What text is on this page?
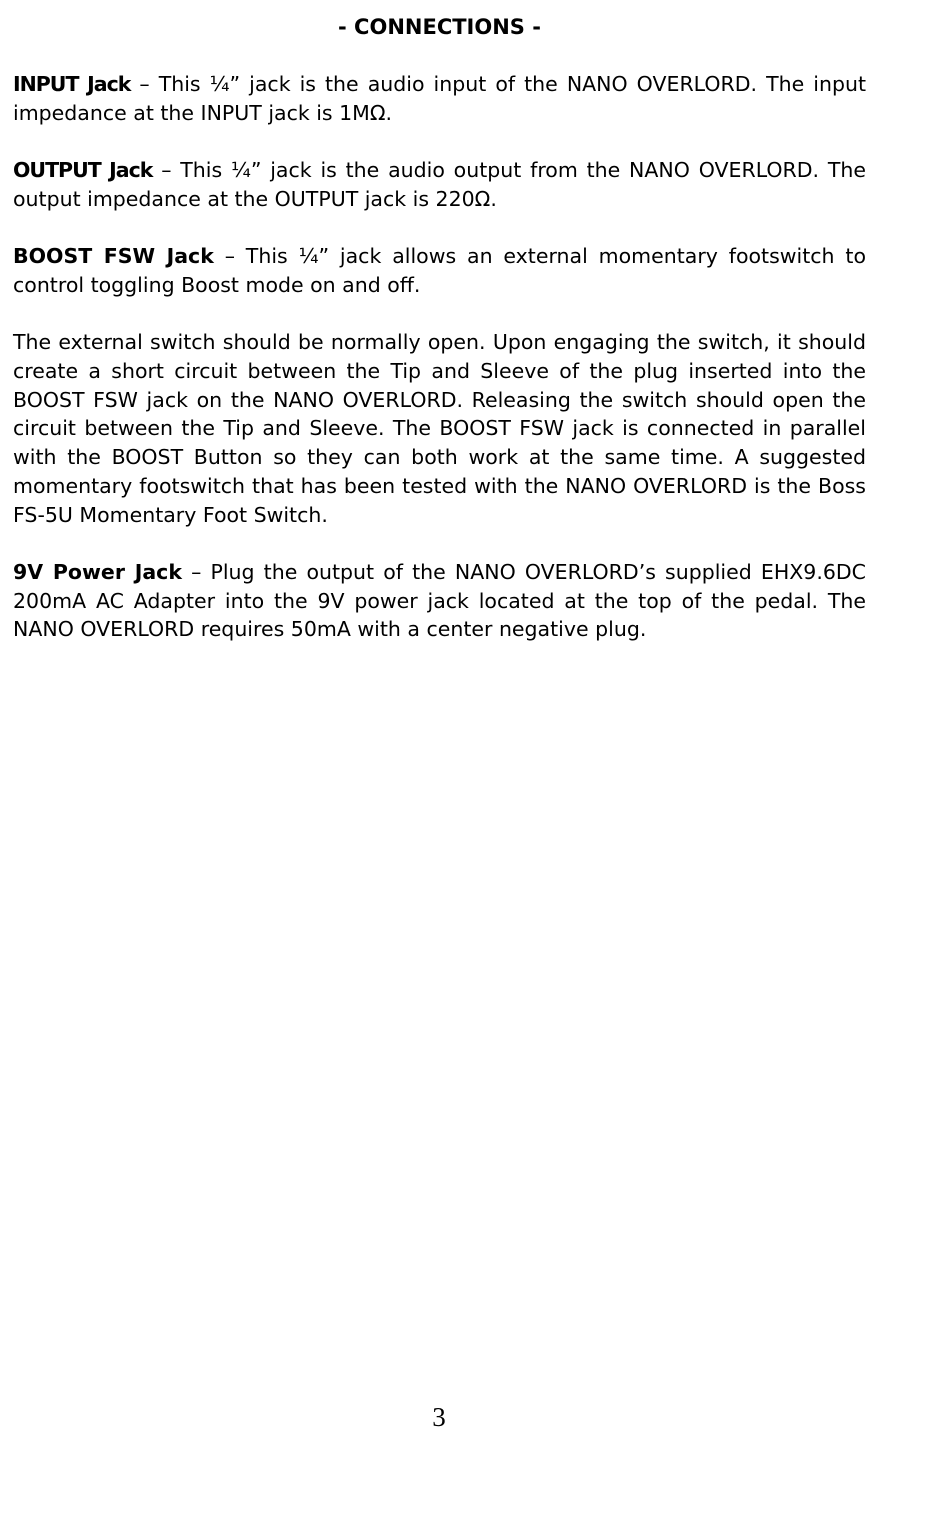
- CONNECTIONS -

INPUT Jack – This ¼” jack is the audio input of the NANO OVERLORD. The input impedance at the INPUT jack is 1MΩ.

OUTPUT Jack – This ¼” jack is the audio output from the NANO OVERLORD. The output impedance at the OUTPUT jack is 220Ω.

BOOST FSW Jack – This ¼” jack allows an external momentary footswitch to control toggling Boost mode on and off.

The external switch should be normally open. Upon engaging the switch, it should create a short circuit between the Tip and Sleeve of the plug inserted into the BOOST FSW jack on the NANO OVERLORD. Releasing the switch should open the circuit between the Tip and Sleeve. The BOOST FSW jack is connected in parallel with the BOOST Button so they can both work at the same time. A suggested momentary footswitch that has been tested with the NANO OVERLORD is the Boss FS-5U Momentary Foot Switch.

9V Power Jack – Plug the output of the NANO OVERLORD’s supplied EHX9.6DC 200mA AC Adapter into the 9V power jack located at the top of the pedal. The NANO OVERLORD requires 50mA with a center negative plug.

3
